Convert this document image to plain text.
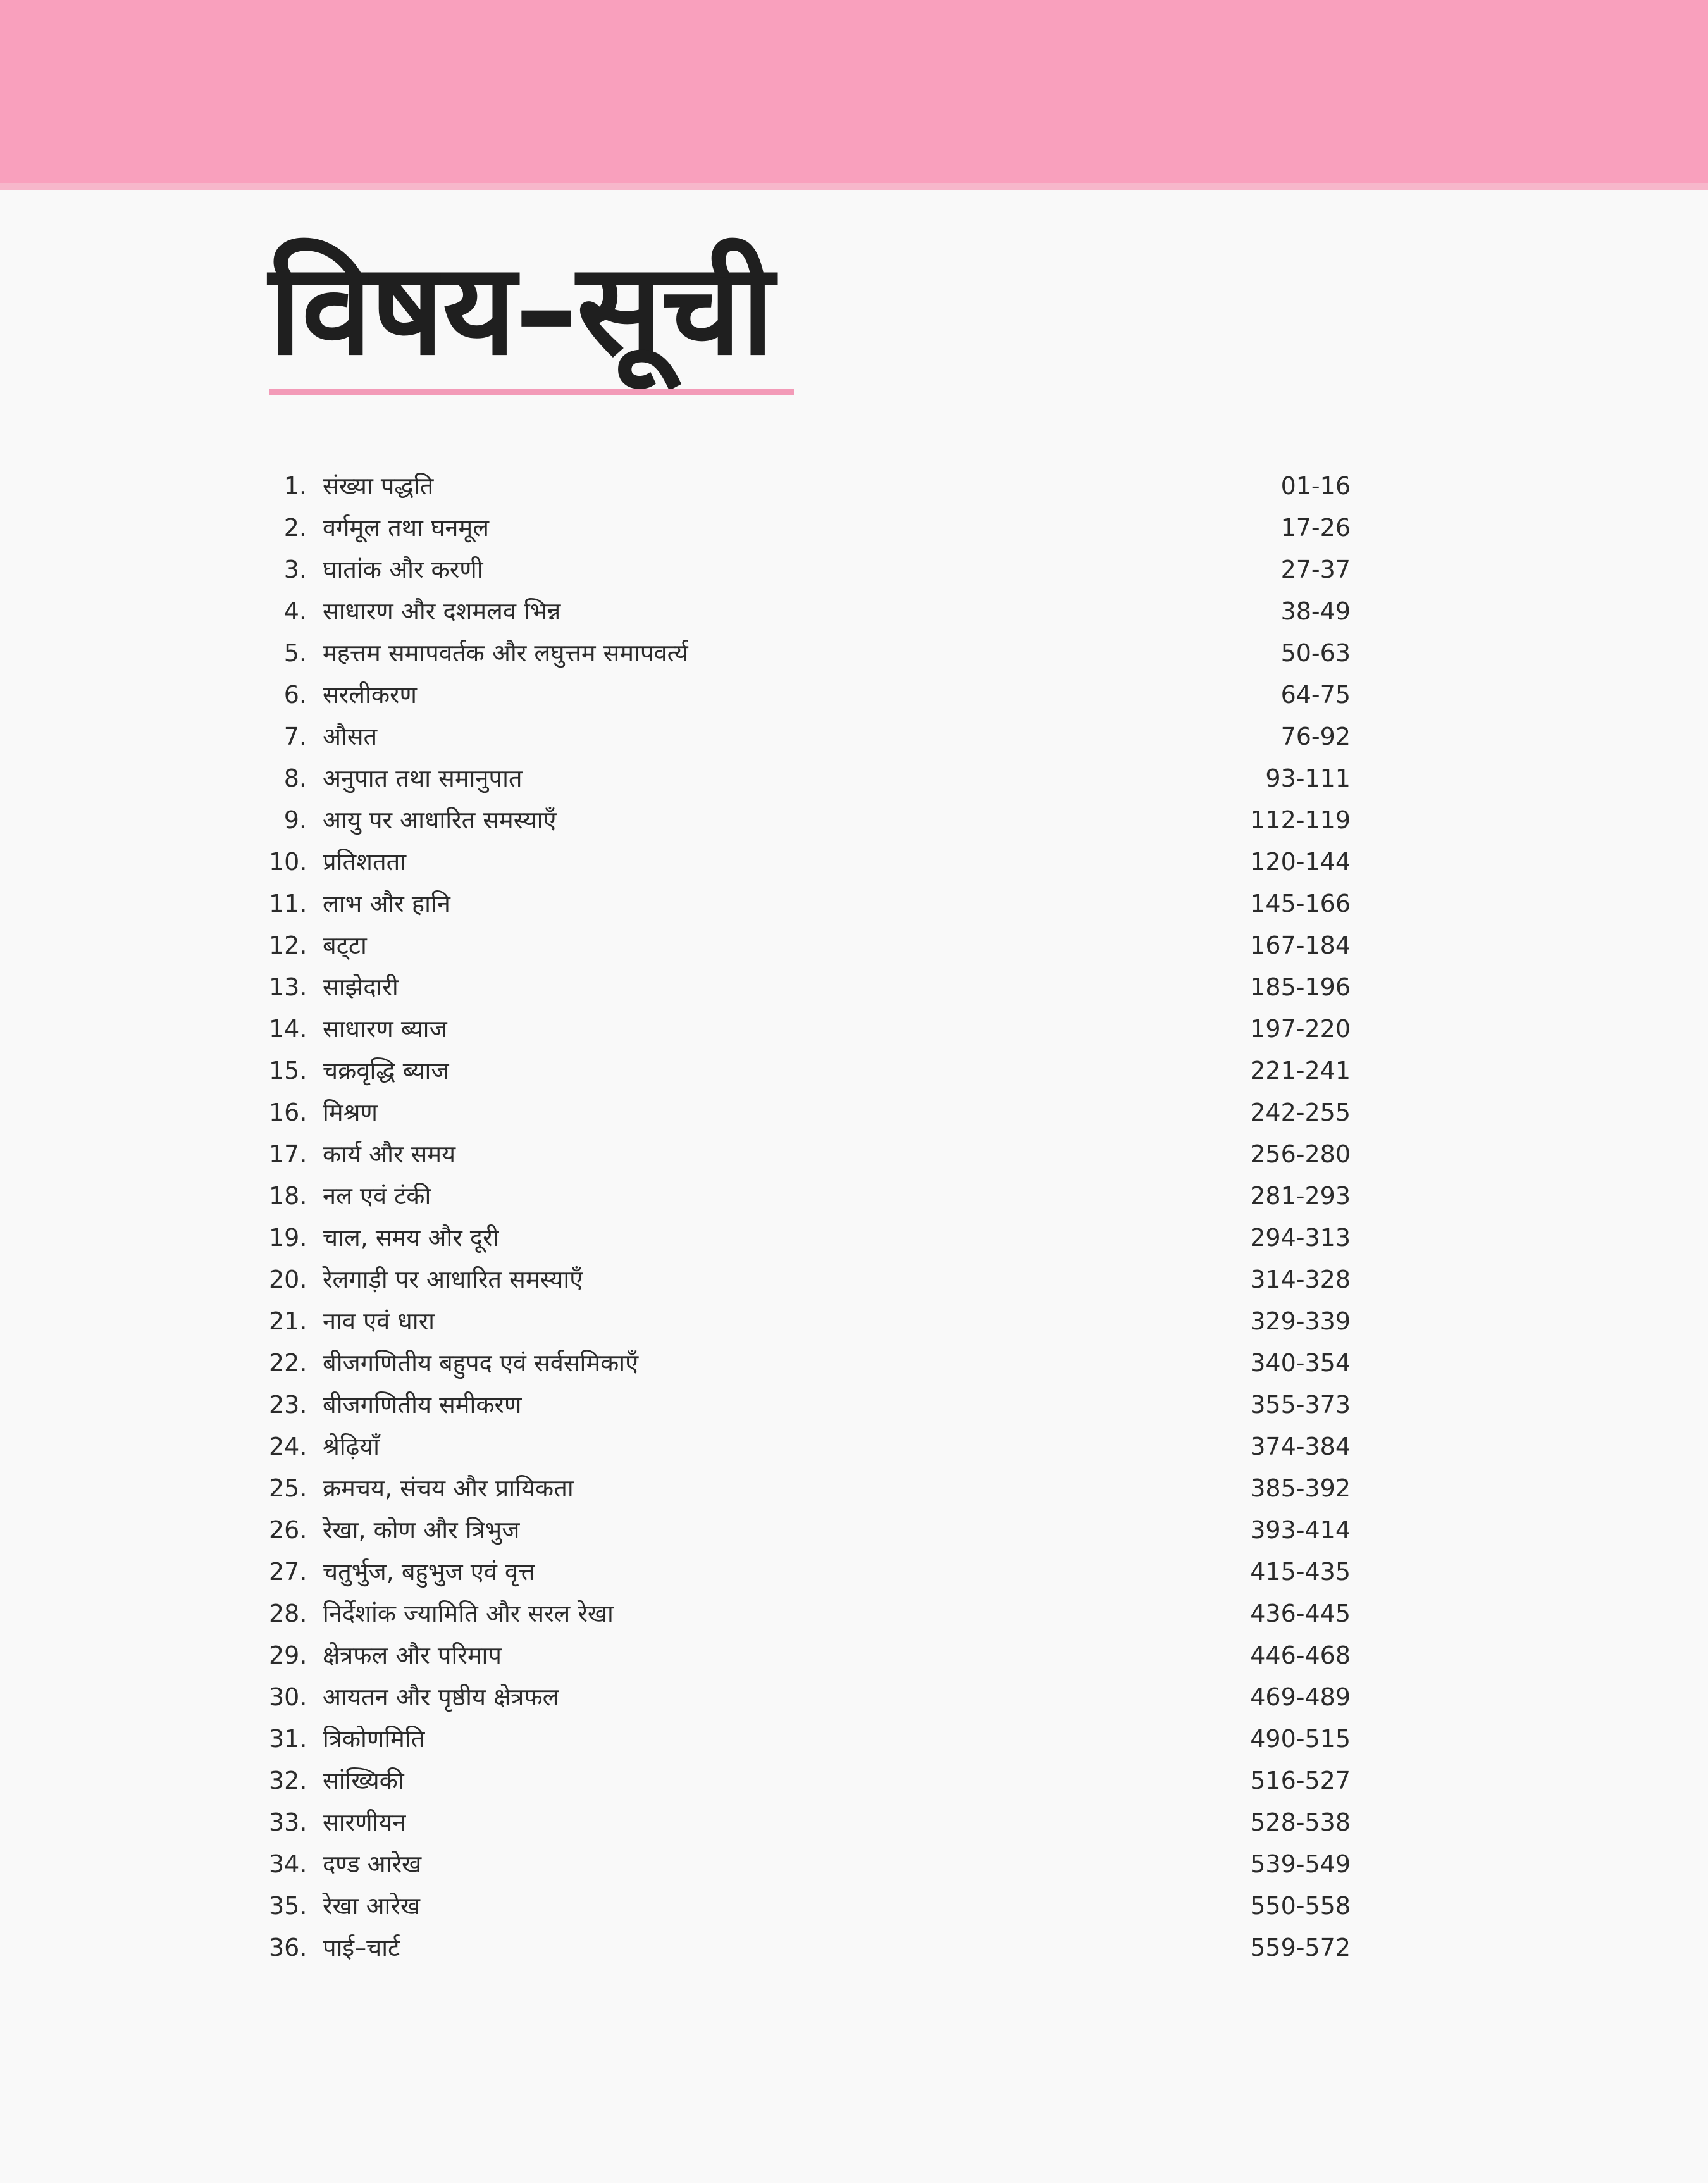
विषय–सूची
1. संख्या पद्धति	01-16
2. वर्गमूल तथा घनमूल	17-26
3. घातांक और करणी	27-37
4. साधारण और दशमलव भिन्न	38-49
5. महत्तम समापवर्तक और लघुत्तम समापवर्त्य	50-63
6. सरलीकरण	64-75
7. औसत	76-92
8. अनुपात तथा समानुपात	93-111
9. आयु पर आधारित समस्याएँ	112-119
10. प्रतिशतता	120-144
11. लाभ और हानि	145-166
12. बट्‌टा	167-184
13. साझेदारी	185-196
14. साधारण ब्याज	197-220
15. चक्रवृद्धि ब्याज	221-241
16. मिश्रण	242-255
17. कार्य और समय	256-280
18. नल एवं टंकी	281-293
19. चाल, समय और दूरी	294-313
20. रेलगाड़ी पर आधारित समस्याएँ	314-328
21. नाव एवं धारा	329-339
22. बीजगणितीय बहुपद एवं सर्वसमिकाएँ	340-354
23. बीजगणितीय समीकरण	355-373
24. श्रेढ़ियाँ	374-384
25. क्रमचय, संचय और प्रायिकता	385-392
26. रेखा, कोण और त्रिभुज	393-414
27. चतुर्भुज, बहुभुज एवं वृत्त	415-435
28. निर्देशांक ज्यामिति और सरल रेखा	436-445
29. क्षेत्रफल और परिमाप	446-468
30. आयतन और पृष्ठीय क्षेत्रफल	469-489
31. त्रिकोणमिति	490-515
32. सांख्यिकी	516-527
33. सारणीयन	528-538
34. दण्ड आरेख	539-549
35. रेखा आरेख	550-558
36. पाई–चार्ट	559-572
